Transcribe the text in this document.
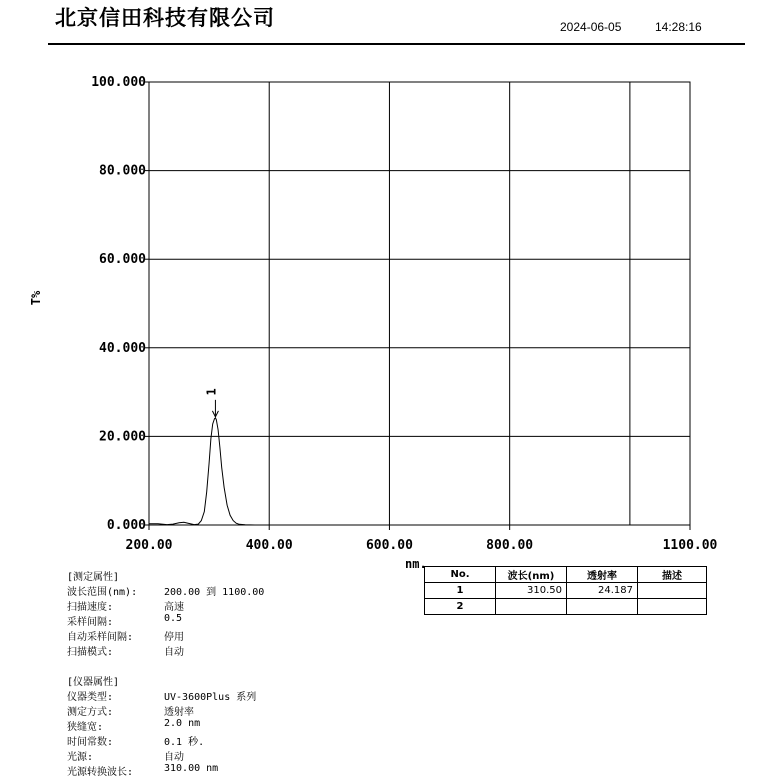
北京信田科技有限公司	2024-06-05	14:28:16
0.000
20.000
40.000
60.000
80.000
100.000
200.00	400.00	600.00	800.00	1100.00
1
T%
nm.
[测定属性]
波长范围(nm):	200.00 到 1100.00
扫描速度:	高速
采样间隔:	0.5
自动采样间隔:	停用
扫描模式:	自动
[仪器属性]
仪器类型:	UV-3600Plus 系列
测定方式:	透射率
狭缝宽:	2.0 nm
时间常数:	0.1 秒.
光源:	自动
光源转换波长:	310.00 nm
No.	波长(nm)	透射率	描述
1	310.50	24.187	
2			
